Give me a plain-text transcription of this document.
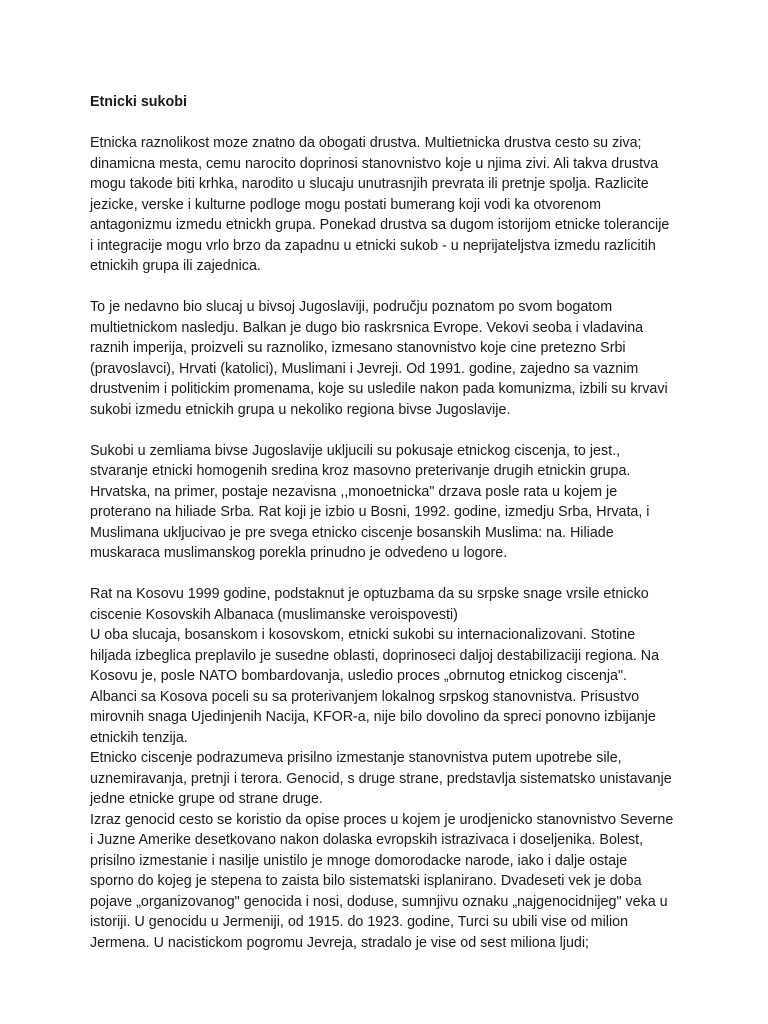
Etnicki sukobi
Etnicka raznolikost moze znatno da obogati drustva. Multietnicka drustva cesto su ziva;
dinamicna mesta, cemu narocito doprinosi stanovnistvo koje u njima zivi. Ali takva drustva
mogu takode biti krhka, narodito u slucaju unutrasnjih prevrata ili pretnje spolja. Razlicite
jezicke, verske i kulturne podloge mogu postati bumerang koji vodi ka otvorenom
antagonizmu izmedu etnickh grupa. Ponekad drustva sa dugom istorijom etnicke tolerancije
i integracije mogu vrlo brzo da zapadnu u etnicki sukob - u neprijateljstva izmedu razlicitih
etnickih grupa ili zajednica.
To je nedavno bio slucaj u bivsoj Jugoslaviji, području poznatom po svom bogatom
multietnickom nasledju. Balkan je dugo bio raskrsnica Evrope. Vekovi seoba i vladavina
raznih imperija, proizveli su raznoliko, izmesano stanovnistvo koje cine pretezno Srbi
(pravoslavci), Hrvati (katolici), Muslimani i Jevreji. Od 1991. godine, zajedno sa vaznim
drustvenim i politickim promenama, koje su usledile nakon pada komunizma, izbili su krvavi
sukobi izmedu etnickih grupa u nekoliko regiona bivse Jugoslavije.
Sukobi u zemliama bivse Jugoslavije ukljucili su pokusaje etnickog ciscenja, to jest.,
stvaranje etnicki homogenih sredina kroz masovno preterivanje drugih etnickin grupa.
Hrvatska, na primer, postaje nezavisna ,,monoetnicka" drzava posle rata u kojem je
proterano na hiliade Srba. Rat koji je izbio u Bosni, 1992. godine, izmedju Srba, Hrvata, i
Muslimana ukljucivao je pre svega etnicko ciscenje bosanskih Muslima: na. Hiliade
muskaraca muslimanskog porekla prinudno je odvedeno u logore.
Rat na Kosovu 1999 godine, podstaknut je optuzbama da su srpske snage vrsile etnicko
ciscenie Kosovskih Albanaca (muslimanske veroispovesti)
U oba slucaja, bosanskom i kosovskom, etnicki sukobi su internacionalizovani. Stotine
hiljada izbeglica preplavilo je susedne oblasti, doprinoseci daljoj destabilizaciji regiona. Na
Kosovu je, posle NATO bombardovanja, usledio proces „obrnutog etnickog ciscenja".
Albanci sa Kosova poceli su sa proterivanjem lokalnog srpskog stanovnistva. Prisustvo
mirovnih snaga Ujedinjenih Nacija, KFOR-a, nije bilo dovolino da spreci ponovno izbijanje
etnickih tenzija.
Etnicko ciscenje podrazumeva prisilno izmestanje stanovnistva putem upotrebe sile,
uznemiravanja, pretnji i terora. Genocid, s druge strane, predstavlja sistematsko unistavanje
jedne etnicke grupe od strane druge.
Izraz genocid cesto se koristio da opise proces u kojem je urodjenicko stanovnistvo Severne
i Juzne Amerike desetkovano nakon dolaska evropskih istrazivaca i doseljenika. Bolest,
prisilno izmestanie i nasilje unistilo je mnoge domorodacke narode, iako i dalje ostaje
sporno do kojeg je stepena to zaista bilo sistematski isplanirano. Dvadeseti vek je doba
pojave „organizovanog" genocida i nosi, doduse, sumnjivu oznaku „najgenocidnijeg" veka u
istoriji. U genocidu u Jermeniji, od 1915. do 1923. godine, Turci su ubili vise od milion
Jermena. U nacistickom pogromu Jevreja, stradalo je vise od sest miliona ljudi;
